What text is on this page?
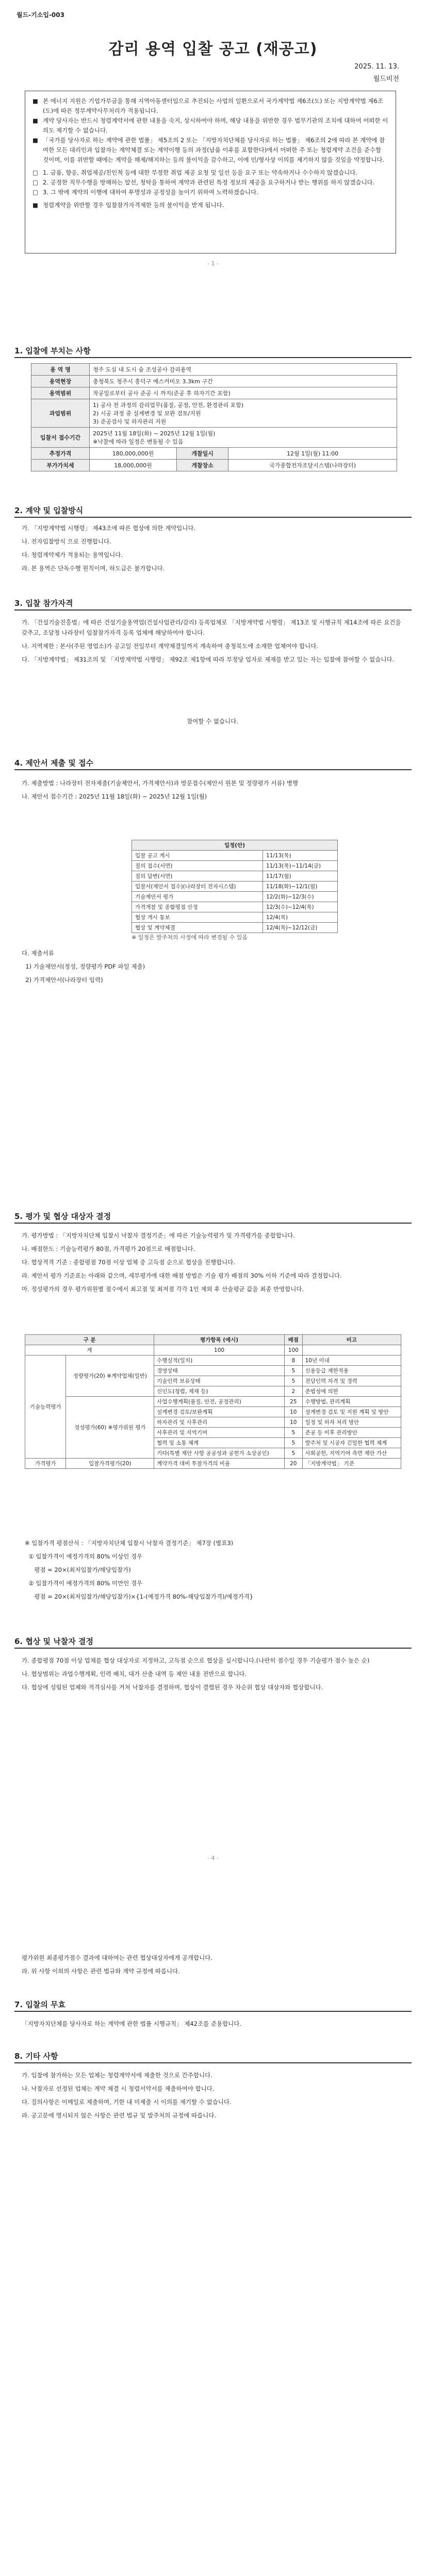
월드-기소입-003
감리 용역 입찰 공고 (재공고)
2025. 11. 13.
월드비전
■ 본 에너지 지원은 기업가부금을 통해 지역아동센터입으로 추진되는 사업의 일환으로서 국가계약법 제6조(도) 또는 지방계약법 제6조(도)에 따른 정부계약사무처리가 적용됩니다.
■ 계약 당사자는 반드시 청렴계약서에 관한 내용을 숙지, 상시하여야 하며, 해당 내용을 위반한 경우 법무기관의 조치에 대하여 어떠한 이의도 제기할 수 없습니다.
■ 「국가를 당사자로 하는 계약에 관한 법률」 제5조의 2 또는 「지방자치단체를 당사자로 하는 법률」 제6조의 2에 따라 본 계약에 참여한 모든 대리인과 입찰자는 계약체결 또는 계약이행 등의 과정(납품 이후를 포함한다)에서 어떠한 주 또는 청렴계약 조건을 준수할 것이며, 이를 위반할 때에는 계약을 해제/해지하는 등의 불이익을 감수하고, 이에 민/형사상 이의를 제기하지 않을 것임을 약정합니다.
□ 1. 금품, 향응, 취업제공/친인척 등에 대한 부정한 취업 제공 요청 및 일선 등을 요구 또는 약속하거나 수수하지 않겠습니다.
□ 2. 공정한 직무수행을 방해하는 알선, 청탁을 통하여 계약과 관련된 특정 정보의 제공을 요구하거나 받는 행위를 하지 않겠습니다.
□ 3. 그 밖에 계약의 이행에 대하여 투명성과 공정성을 높이기 위하여 노력하겠습니다.
■ 청렴계약을 위반할 경우 입찰참가자격제한 등의 불이익을 받게 됩니다.
- 1 -
1. 입찰에 부치는 사항
용 역 명	청주 도심 내 도시 숲 조성공사 감리용역		
용역현장	충청북도 청주시 흥덕구 예스커미오 3.3km 구간		
용역범위	착공일로부터 공사 준공 시 까지(준공 후 하자기간 포함)		
과업범위	1) 공사 전 과정의 감리업무(품질, 공정, 안전, 환경관리 포함)
2) 시공 과정 중 설계변경 및 보완 검토/지원
3) 준공검사 및 하자관리 지원		
입찰서 접수기간	2025년 11월 18일(화) ~ 2025년 12월 1일(월)
※낙찰에 따라 일정은 변동될 수 있음		
추정가격	180,000,000원	개찰일시	12월 1일(월) 11:00
부가가치세	18,000,000원	개찰장소	국가종합전자조달시스템(나라장터)
2. 계약 및 입찰방식

가. 「지방계약법 시행령」 제43조에 따른 협상에 의한 계약입니다.

나. 전자입찰방식 으로 진행합니다.

다. 청렴계약제가 적용되는 용역입니다.

라. 본 용역은 단독수행 원칙이며, 하도급은 불가합니다.

3. 입찰 참가자격

가. 「건설기술진흥법」에 따른 건설기술용역업(건설사업관리/감리) 등록업체로 「지방계약법 시행령」 제13조 및 시행규칙 제14조에 따른 요건을 갖추고, 조달청 나라장터 입찰참가자격 등록 업체에 해당하여야 합니다.

나. 지역제한 : 본사(주된 영업소)가 공고일 전일부터 계약체결일까지 계속하여 충청북도에 소재한 업체여야 합니다.

다. 「지방계약법」 제31조의 및 「지방계약법 시행령」 제92조 제1항에 따라 부정당 업자로 제재를 받고 있는 자는 입찰에 참여할 수 없습니다.

참여할 수 없습니다.
4. 제안서 제출 및 접수

가. 제출방법 : 나라장터 전자제출(기술제안서, 가격제안서)과 방문접수(제안서 원본 및 정량평가 서류) 병행

나. 제안서 접수기간 : 2025년 11월 18일(화) ~ 2025년 12월 1일(월)

일정(안)	
입찰 공고 게시	11/13(목)
질의 접수(서면)	11/13(목)~11/14(금)
질의 답변(서면)	11/17(월)
입찰서(제안서 접수)(나라장터 전자시스템)	11/18(화)~12/1(월)
기술제안서 평가	12/2(화)~12/3(수)
가격개찰 및 종합평점 산정	12/3(수)~12/4(목)
협상 개시 통보	12/4(목)
협상 및 계약체결	12/4(목)~12/12(금)
※ 일정은 발주처의 사정에 따라 변경될 수 있음

다. 제출서류

1) 기술제안서(정성, 정량평가 PDF 파일 제출)

2) 가격제안서(나라장터 입력)

5. 평가 및 협상 대상자 결정

가. 평가방법 : 「지방자치단체 입찰시 낙찰자 결정기준」에 따른 기술능력평가 및 가격평가를 종합합니다.

나. 배점한도 : 기술능력평가 80점, 가격평가 20점으로 배점합니다.

다. 협상적격 기준 : 종합평점 70점 이상 업체 중 고득점 순으로 협상을 진행합니다.

라. 제안서 평가 기준표는 아래와 같으며, 세부평가에 대한 배점 방법은 기술 평가 배점의 30% 이하 기준에 따라 결정합니다.

마. 정성평가의 경우 평가위원별 점수에서 최고점 및 최저점 각각 1인 제외 후 산술평균 값을 최종 반영합니다.

구 분		평가항목 (예시)	배점	비고
계		100	100	
기술능력평가	정량평가(20) ※계약업체(일반)	수행실적(일치)	8	10년 이내
		경영상태	5	신용등급 제한적용
		기술인력 보유상태	5	전담인력 자격 및 경력
		신인도(청렴, 제재 등)	2	준법성에 의한
	정성평가(60) ※평가위원 평가	사업수행계획(품질, 안전, 공정관리)	25	수행방법, 관리계획
		설계변경 검토/보완계획	10	설계변경 검토 및 지원 계획 및 방안
		하자관리 및 사후관리	10	일정 및 하자 처리 방안
		사후관리 및 지역기여	5	준공 등 이후 관리방안
		협력 및 소통 체계	5	발주처 및 시공자 긴밀한 협력 체계
		기타(특별 제안 사항 공공성과 공헌가 소상공인)	5	사회공헌, 지역기여 측면 제안 가산
가격평가	입찰가격평가(20)	계약가격 대비 투찰가격의 비율	20	「지방계약법」 기준

※ 입찰가격 평점산식 : 「지방자치단체 입찰시 낙찰자 결정기준」 제7장 (별표3)

① 입찰가격이 예정가격의 80% 이상인 경우

평점 = 20×(최저입찰가/해당입찰가)

② 입찰가격이 예정가격의 80% 미만인 경우

평점 = 20×(최저입찰가/해당입찰가)×{1-(예정가격 80%-해당입찰가격)/예정가격}

6. 협상 및 낙찰자 결정

가. 종합평점 70점 이상 업체를 협상 대상자로 지정하고, 고득점 순으로 협상을 실시합니다.(나란히 점수일 경우 기술평가 점수 높은 순)

나. 협상범위는 과업수행계획, 인력 배치, 대가 산출 내역 등 제안 내용 전반으로 합니다.

다. 협상에 성립된 업체와 적격심사를 거쳐 낙찰자를 결정하며, 협상이 결렬된 경우 차순위 협상 대상자와 협상합니다.

- 4 -

평가위원 최종평가점수 결과에 대하여는 관련 협상대상자에게 공개합니다.

라. 위 사항 이외의 사항은 관련 법규와 계약 규정에 따릅니다.

7. 입찰의 무효
「지방자치단체를 당사자로 하는 계약에 관한 법률 시행규칙」 제42조를 준용합니다.
8. 기타 사항

가. 입찰에 참가하는 모든 업체는 청렴계약서에 제출한 것으로 간주합니다.

나. 낙찰자로 선정된 업체는 계약 체결 시 청렴서약서를 제출하여야 합니다.

다. 질의사항은 이메일로 제출하며, 기한 내 미제출 시 이의를 제기할 수 없습니다.

라. 공고문에 명시되지 않은 사항은 관련 법규 및 발주처의 규정에 따릅니다.
